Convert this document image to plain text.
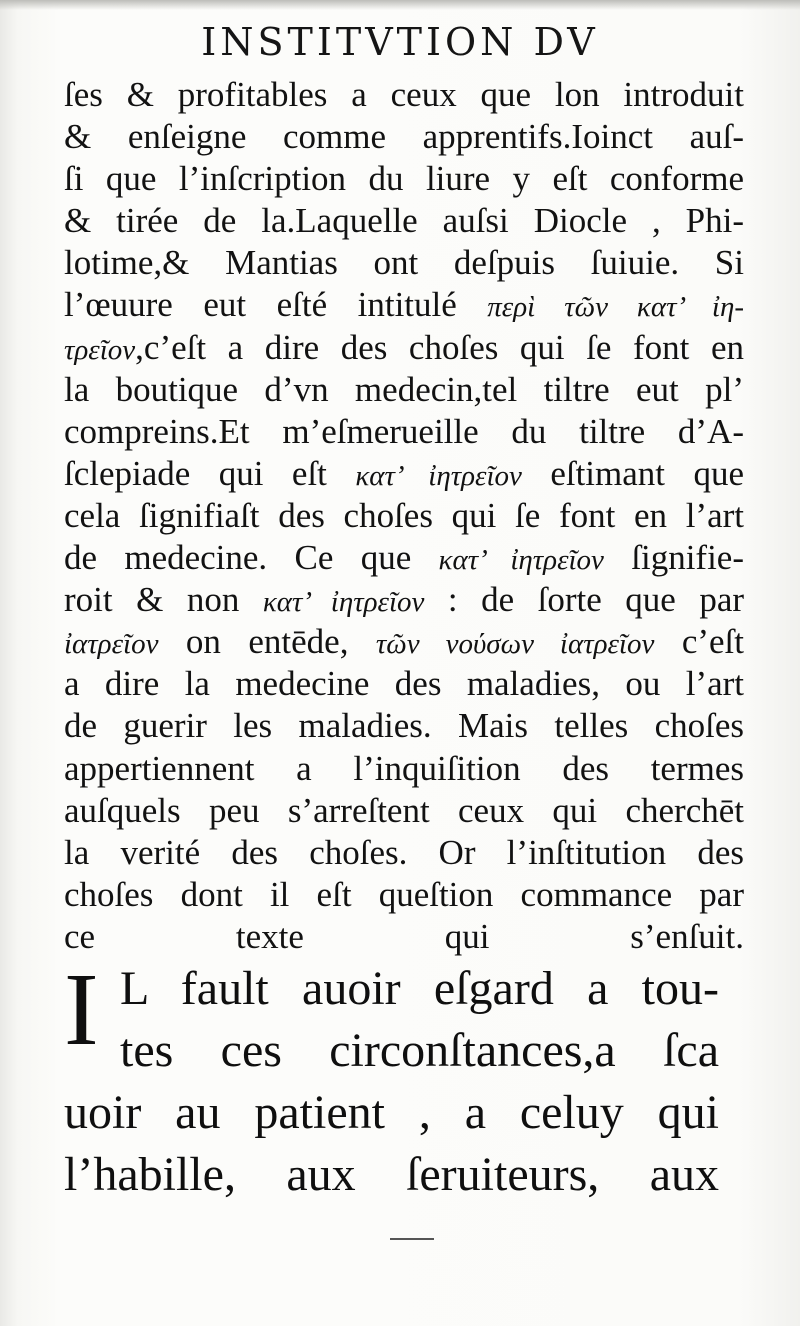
INSTITVTION DV
ſes & profitables a ceux que lon introduit
& enſeigne comme apprentifs.Ioinct auſ-
ſi que l’inſcription du liure y eſt conforme
& tirée de la.Laquelle auſsi Diocle , Phi-
lotime,& Mantias ont deſpuis ſuiuie. Si
l’œuure eut eſté intitulé περὶ τῶν κατ’ ἰη-
τρεῖον,c’eſt a dire des choſes qui ſe font en
la boutique d’vn medecin,tel tiltre eut pl’
compreins.Et m’eſmerueille du tiltre d’A-
ſclepiade qui eſt κατ’ ἰητρεῖον eſtimant que
cela ſignifiaſt des choſes qui ſe font en l’art
de medecine. Ce que κατ’ ἰητρεῖον ſignifie-
roit & non κατ’ ἰητρεῖον : de ſorte que par
ἰατρεῖον on entēde, τῶν νούσων ἰατρεῖον c’eſt
a dire la medecine des maladies, ou l’art
de guerir les maladies. Mais telles choſes
appertiennent a l’inquiſition des termes
auſquels peu s’arreſtent ceux qui cherchēt
la verité des choſes. Or l’inſtitution des
choſes dont il eſt queſtion commance par
ce texte qui s’enſuit.
I L fault auoir eſgard a tou-
tes ces circonſtances,a ſca
uoir au patient , a celuy qui
l’habille, aux ſeruiteurs, aux
